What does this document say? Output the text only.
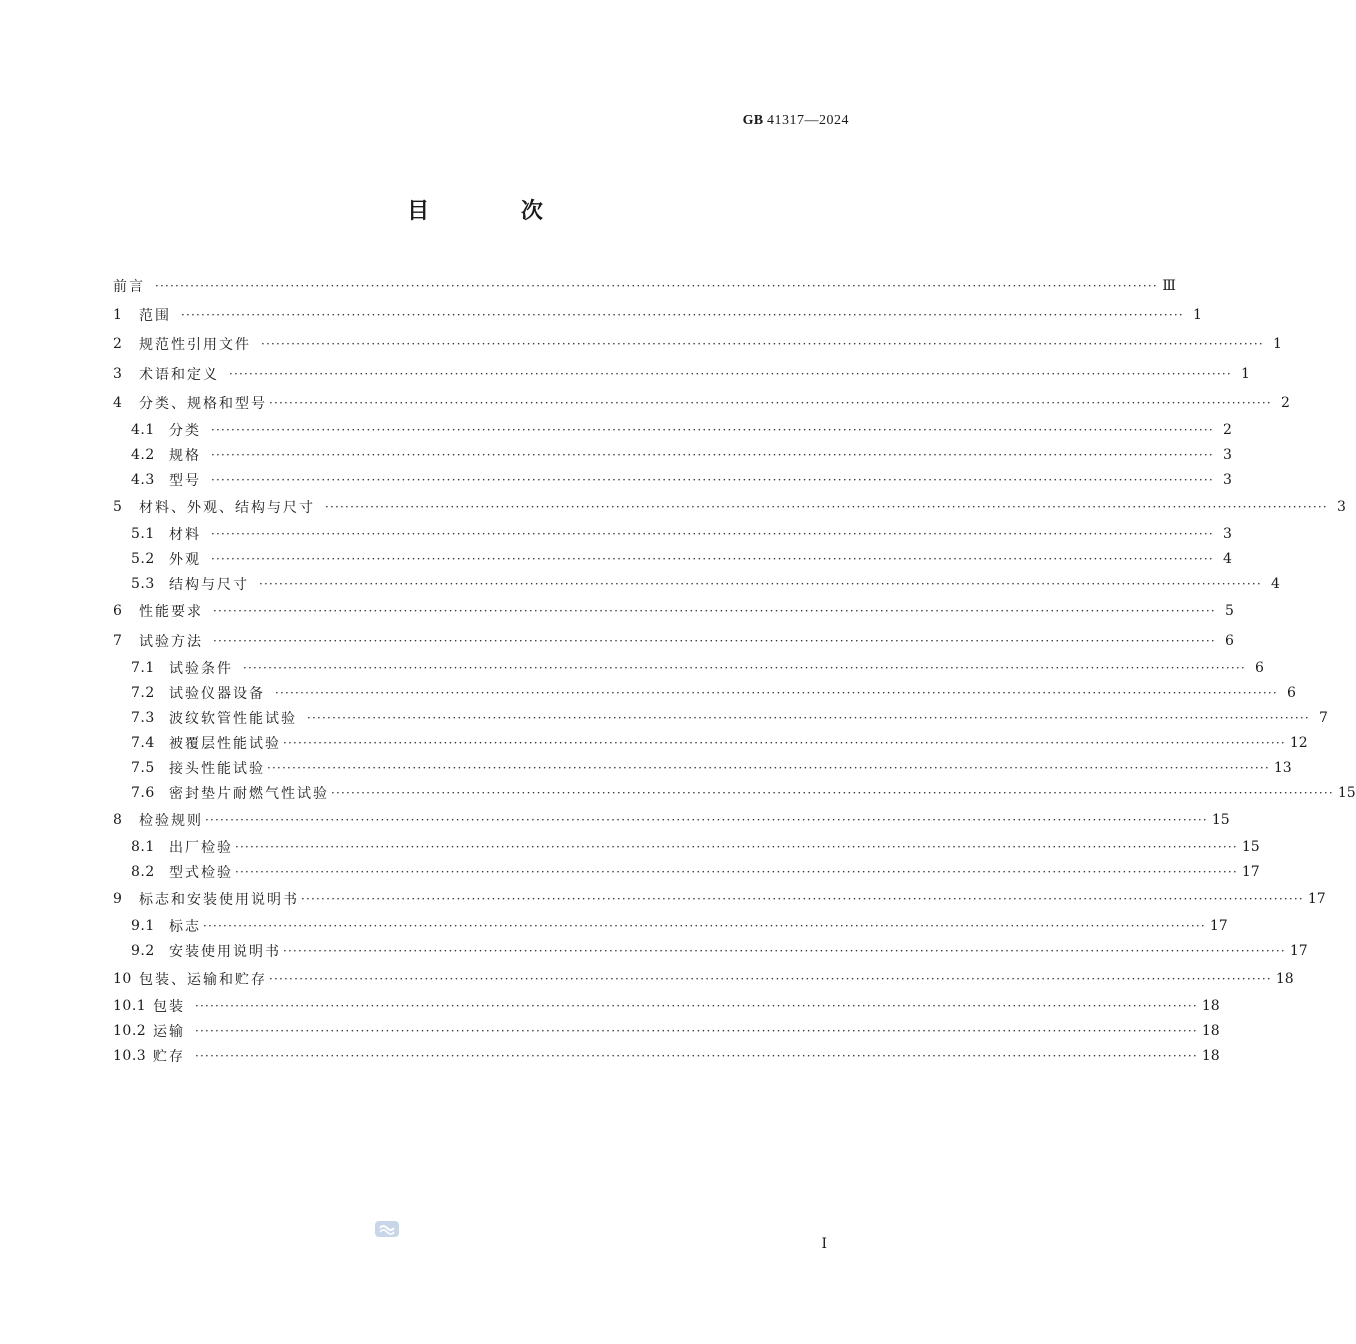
GB 41317—2024
目 次
前言 ········································································································································································································ Ⅲ
1	范围 ········································································································································································································ 1
2	规范性引用文件 ········································································································································································································ 1
3	术语和定义 ········································································································································································································ 1
4	分类、规格和型号 ········································································································································································································ 2
4.1	分类 ········································································································································································································ 2
4.2	规格 ········································································································································································································ 3
4.3	型号 ········································································································································································································ 3
5	材料、外观、结构与尺寸 ········································································································································································································ 3
5.1	材料 ········································································································································································································ 3
5.2	外观 ········································································································································································································ 4
5.3	结构与尺寸 ········································································································································································································ 4
6	性能要求 ········································································································································································································ 5
7	试验方法 ········································································································································································································ 6
7.1	试验条件 ········································································································································································································ 6
7.2	试验仪器设备 ········································································································································································································ 6
7.3	波纹软管性能试验 ········································································································································································································ 7
7.4	被覆层性能试验 ········································································································································································································ 12
7.5	接头性能试验 ········································································································································································································ 13
7.6	密封垫片耐燃气性试验 ········································································································································································································ 15
8	检验规则 ········································································································································································································ 15
8.1	出厂检验 ········································································································································································································ 15
8.2	型式检验 ········································································································································································································ 17
9	标志和安装使用说明书 ········································································································································································································ 17
9.1	标志 ········································································································································································································ 17
9.2	安装使用说明书 ········································································································································································································ 17
10 包装、运输和贮存 ········································································································································································································ 18
10.1 包装 ········································································································································································································ 18
10.2 运输 ········································································································································································································ 18
10.3 贮存 ········································································································································································································ 18
I
